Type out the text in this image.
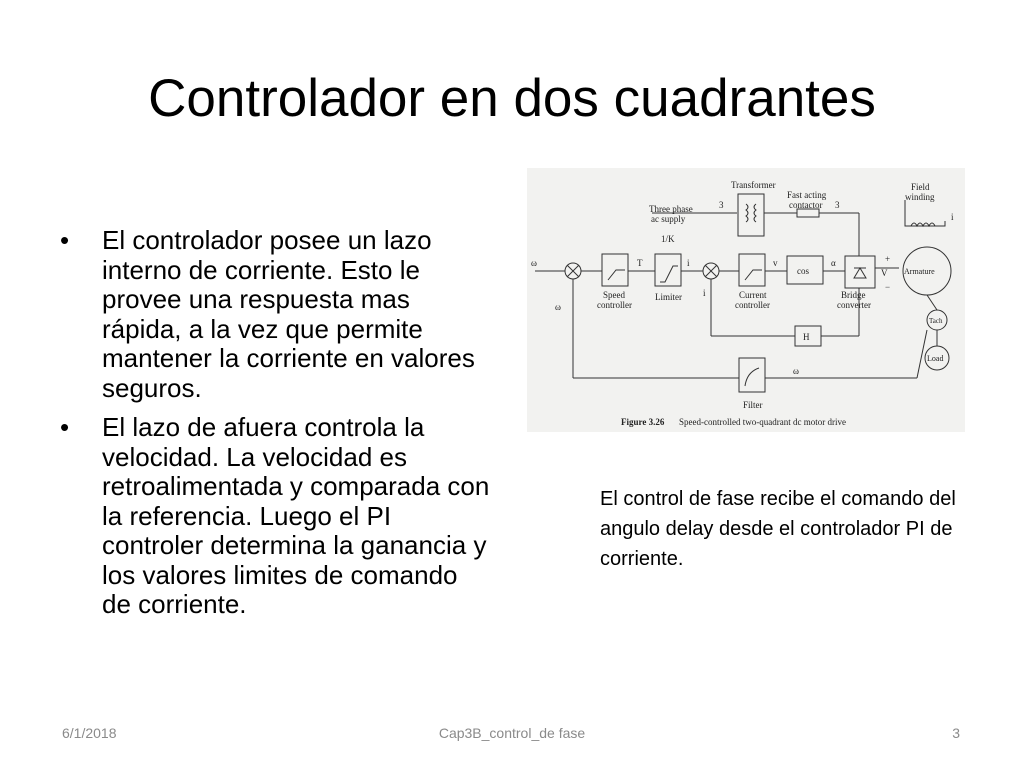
Controlador en dos cuadrantes
• El controlador posee un lazo interno de corriente. Esto le provee una respuesta mas rápida, a la vez que permite mantener la corriente en valores seguros.
• El lazo de afuera controla la velocidad. La velocidad es retroalimentada y comparada con la referencia. Luego el PI controler determina la ganancia y los valores limites de comando de corriente.
Transformer	Field
winding
Three phase
ac supply
Fast acting
contactor
3	3
1/K
ω
ω
T	i
i
v	α	+
−
V
i
Speed
controller
Limiter	Current
controller
cos
Bridge
converter
Armature
H
Tach
Load
ω
Filter
Figure 3.26 Speed-controlled two-quadrant dc motor drive
El control de fase recibe el comando del angulo delay desde el controlador PI de corriente.
6/1/2018	Cap3B_control_de fase	3
